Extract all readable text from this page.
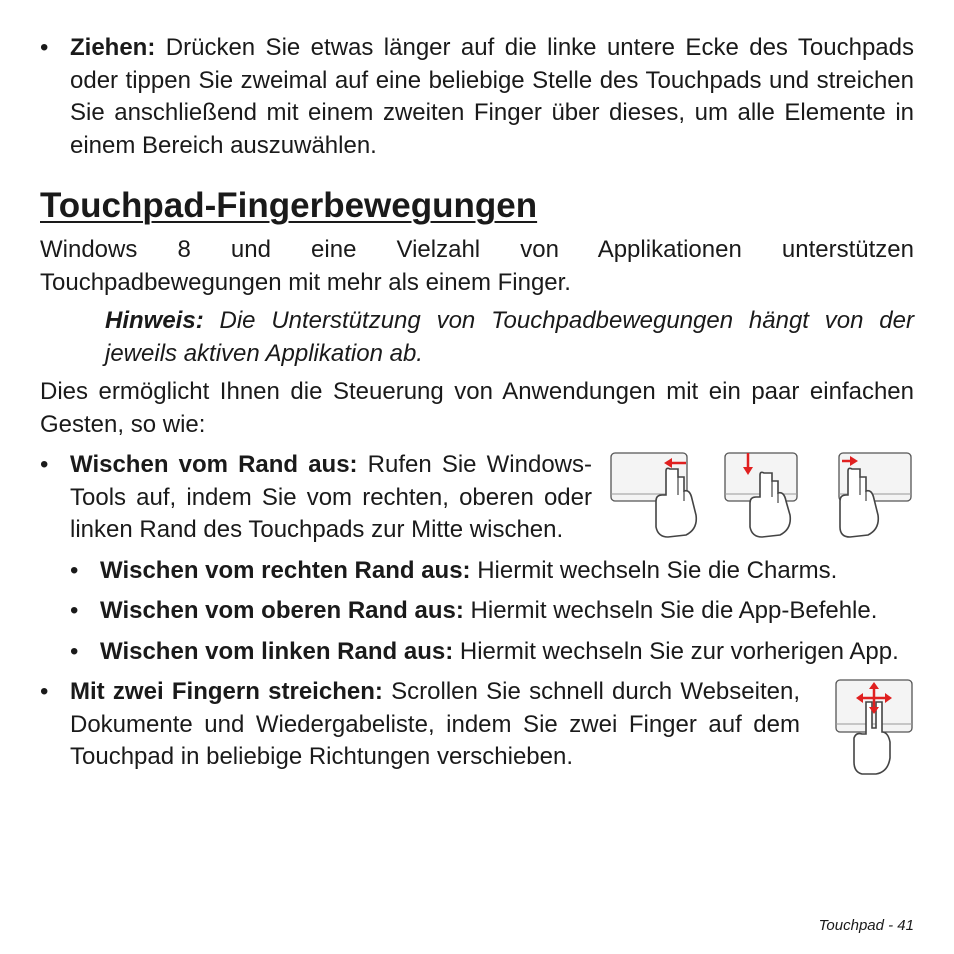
• Ziehen: Drücken Sie etwas länger auf die linke untere Ecke des Touchpads oder tippen Sie zweimal auf eine beliebige Stelle des Touchpads und streichen Sie anschließend mit einem zweiten Finger über dieses, um alle Elemente in einem Bereich auszuwählen.

Touchpad-Fingerbewegungen

Windows 8 und eine Vielzahl von Applikationen unterstützen Touchpadbewegungen mit mehr als einem Finger.

Hinweis: Die Unterstützung von Touchpadbewegungen hängt von der jeweils aktiven Applikation ab.

Dies ermöglicht Ihnen die Steuerung von Anwendungen mit ein paar einfachen Gesten, so wie:

• Wischen vom Rand aus: Rufen Sie Windows-Tools auf, indem Sie vom rechten, oberen oder linken Rand des Touchpads zur Mitte wischen.

• Wischen vom rechten Rand aus: Hiermit wechseln Sie die Charms.

• Wischen vom oberen Rand aus: Hiermit wechseln Sie die App-Befehle.

• Wischen vom linken Rand aus: Hiermit wechseln Sie zur vorherigen App.

• Mit zwei Fingern streichen: Scrollen Sie schnell durch Webseiten, Dokumente und Wiedergabeliste, indem Sie zwei Finger auf dem Touchpad in beliebige Richtungen verschieben.

Touchpad - 41
